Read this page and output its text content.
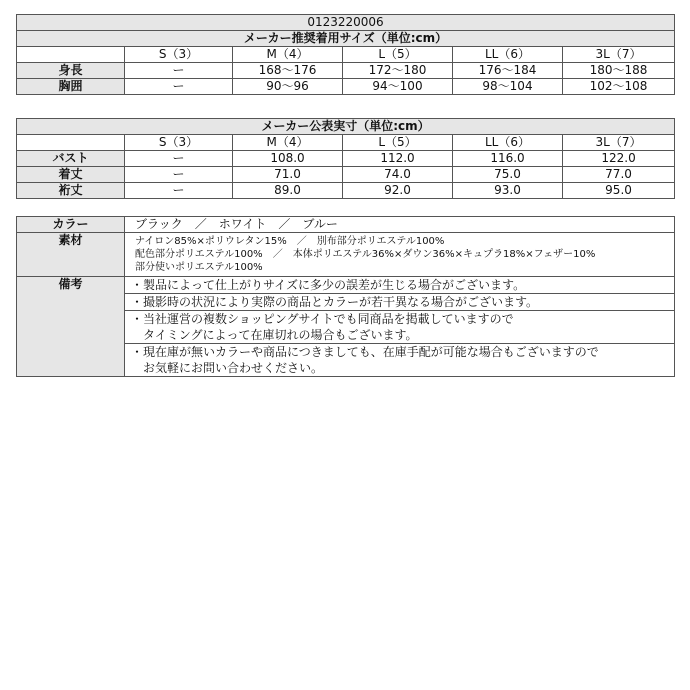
0123220006					
メーカー推奨着用サイズ（単位:cm）					
	S（3）	M（4）	L（5）	LL（6）	3L（7）
身長	ー	168～176	172～180	176～184	180～188
胸囲	ー	90～96	94～100	98～104	102～108
メーカー公表実寸（単位:cm）					
	S（3）	M（4）	L（5）	LL（6）	3L（7）
バスト	ー	108.0	112.0	116.0	122.0
着丈	ー	71.0	74.0	75.0	77.0
裄丈	ー	89.0	92.0	93.0	95.0
カラー	ブラック　／　ホワイト　／　ブルー
素材	ナイロン85%×ポリウレタン15%　／　別布部分ポリエステル100%
配色部分ポリエステル100%　／　本体ポリエステル36%×ダウン36%×キュプラ18%×フェザー10%
部分使いポリエステル100%

備考	・製品によって仕上がりサイズに多少の誤差が生じる場合がございます。

	・撮影時の状況により実際の商品とカラーが若干異なる場合がございます。

	・当社運営の複数ショッピングサイトでも同商品を掲載していますので
　タイミングによって在庫切れの場合もございます。

	・現在庫が無いカラーや商品につきましても、在庫手配が可能な場合もございますので
　お気軽にお問い合わせください。
